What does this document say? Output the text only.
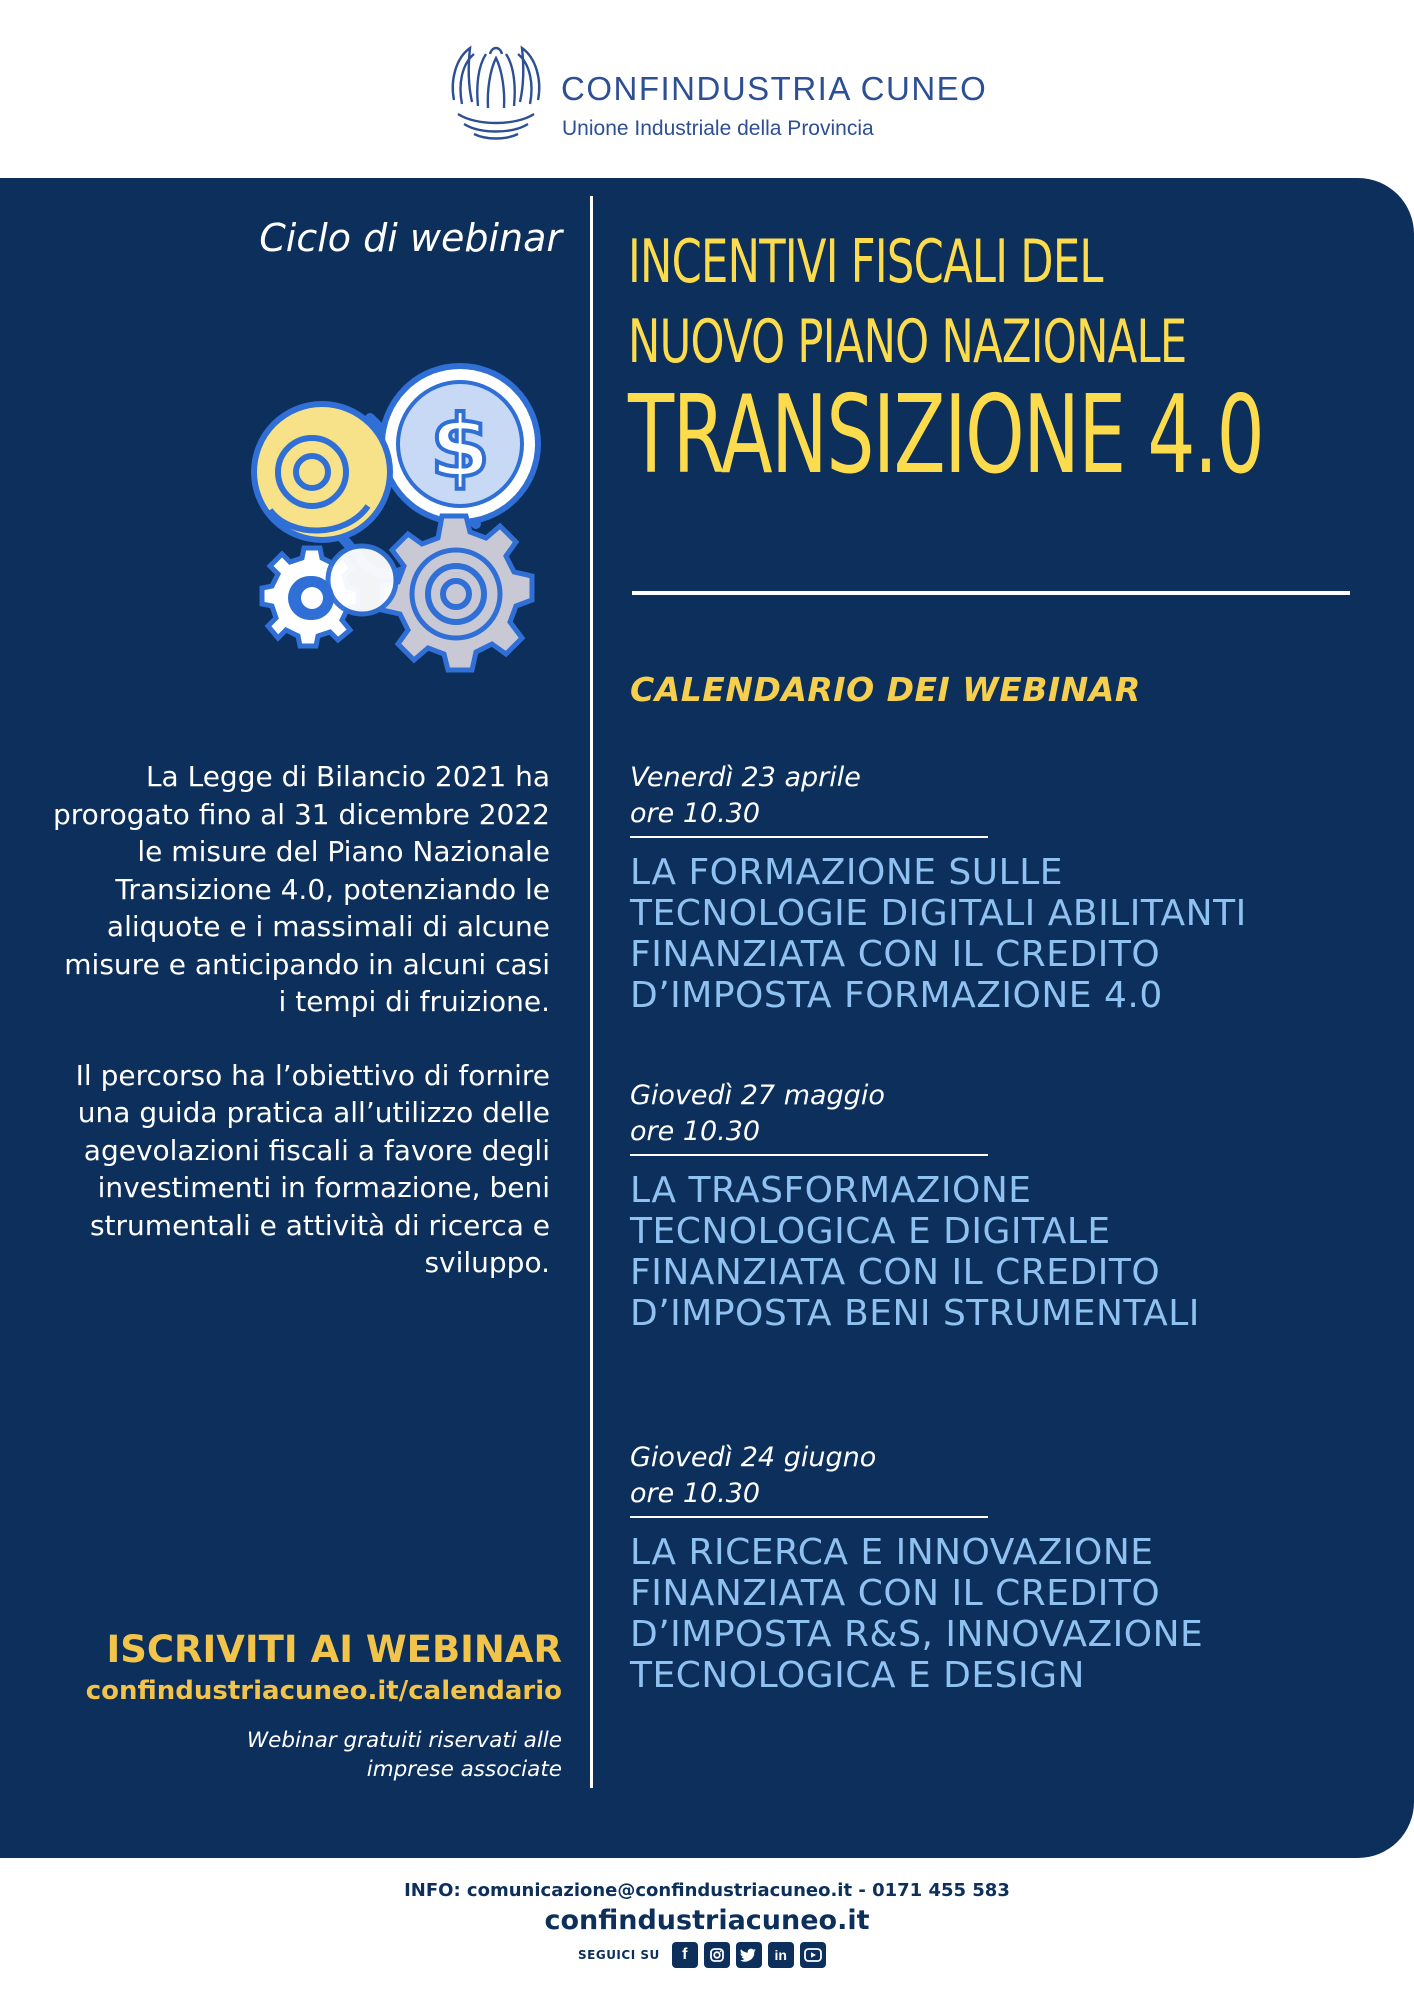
CONFINDUSTRIA CUNEO
Unione Industriale della Provincia
Ciclo di webinar
$

La Legge di Bilancio 2021 ha prorogato fino al 31 dicembre 2022 le misure del Piano Nazionale Transizione 4.0, potenziando le aliquote e i massimali di alcune misure e anticipando in alcuni casi i tempi di fruizione.

Il percorso ha l’obiettivo di fornire una guida pratica all’utilizzo delle agevolazioni fiscali a favore degli investimenti in formazione, beni strumentali e attività di ricerca e sviluppo.

ISCRIVITI AI WEBINAR
confindustriacuneo.it/calendario
Webinar gratuiti riservati alle imprese associate
INCENTIVI FISCALI DEL
NUOVO PIANO NAZIONALE
TRANSIZIONE 4.0
CALENDARIO DEI WEBINAR
Venerdì 23 aprile
ore 10.30
LA FORMAZIONE SULLE
TECNOLOGIE DIGITALI ABILITANTI
FINANZIATA CON IL CREDITO
D’IMPOSTA FORMAZIONE 4.0
Giovedì 27 maggio
ore 10.30
LA TRASFORMAZIONE
TECNOLOGICA E DIGITALE
FINANZIATA CON IL CREDITO
D’IMPOSTA BENI STRUMENTALI
Giovedì 24 giugno
ore 10.30
LA RICERCA E INNOVAZIONE
FINANZIATA CON IL CREDITO
D’IMPOSTA R&S, INNOVAZIONE
TECNOLOGICA E DESIGN
INFO: comunicazione@confindustriacuneo.it - 0171 455 583
confindustriacuneo.it
SEGUICI SU	f	in
